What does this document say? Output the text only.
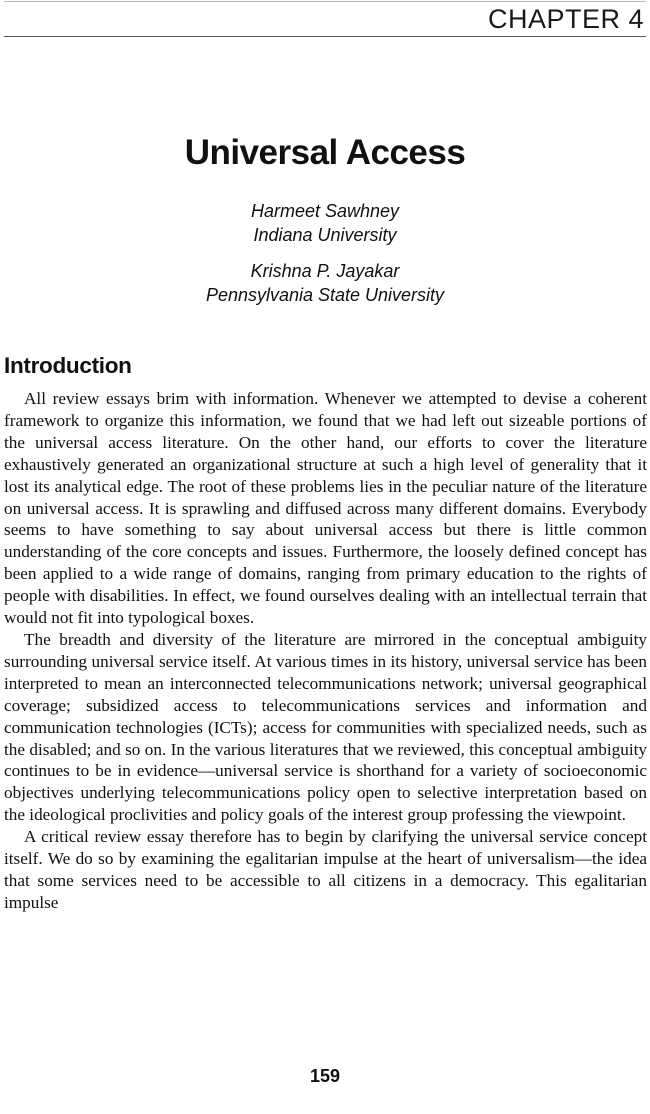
CHAPTER 4
Universal Access
Harmeet Sawhney
Indiana University
Krishna P. Jayakar
Pennsylvania State University
Introduction

All review essays brim with information. Whenever we attempted to devise a coherent framework to organize this information, we found that we had left out sizeable portions of the universal access literature. On the other hand, our efforts to cover the literature exhaustively generated an organizational structure at such a high level of generality that it lost its analytical edge. The root of these problems lies in the peculiar nature of the literature on universal access. It is sprawling and diffused across many different domains. Everybody seems to have something to say about universal access but there is little common understanding of the core concepts and issues. Furthermore, the loosely defined concept has been applied to a wide range of domains, ranging from primary education to the rights of people with disabilities. In effect, we found ourselves dealing with an intellectual terrain that would not fit into typological boxes.

The breadth and diversity of the literature are mirrored in the conceptual ambiguity surrounding universal service itself. At various times in its history, universal service has been interpreted to mean an interconnected telecommunications network; universal geographical coverage; subsidized access to telecommunications services and information and communication technologies (ICTs); access for communities with specialized needs, such as the disabled; and so on. In the various literatures that we reviewed, this conceptual ambiguity continues to be in evidence—universal service is shorthand for a variety of socioeconomic objectives underlying telecommunications policy open to selective interpretation based on the ideological proclivities and policy goals of the interest group professing the viewpoint.

A critical review essay therefore has to begin by clarifying the universal service concept itself. We do so by examining the egalitarian impulse at the heart of universalism—the idea that some services need to be accessible to all citizens in a democracy. This egalitarian impulse

159
